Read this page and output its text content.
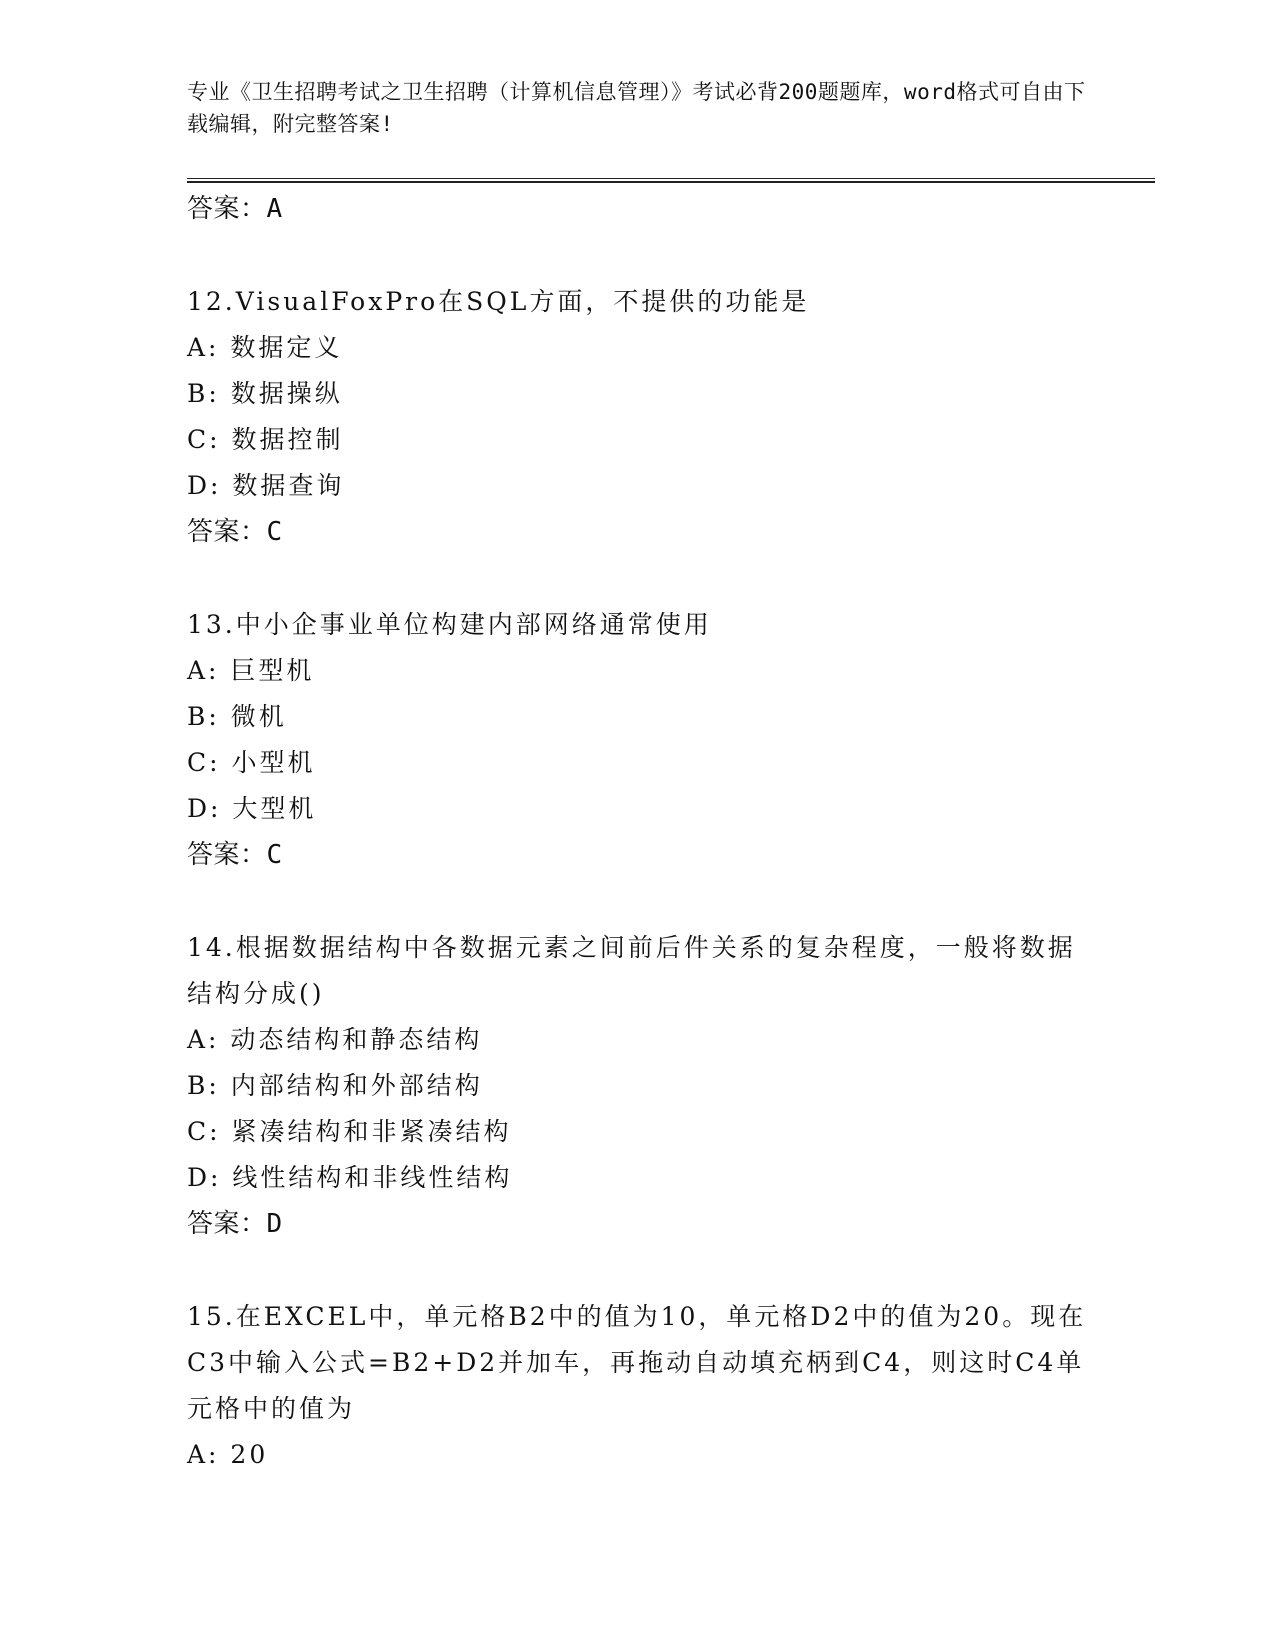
专业《卫生招聘考试之卫生招聘（计算机信息管理）》考试必背200题题库，word格式可自由下载编辑，附完整答案!

答案：A

12.VisualFoxPro在SQL方面，不提供的功能是

A: 数据定义

B: 数据操纵

C: 数据控制

D: 数据查询

答案：C

13.中小企事业单位构建内部网络通常使用

A: 巨型机

B: 微机

C: 小型机

D: 大型机

答案：C

14.根据数据结构中各数据元素之间前后件关系的复杂程度，一般将数据结构分成()

A: 动态结构和静态结构

B: 内部结构和外部结构

C: 紧凑结构和非紧凑结构

D: 线性结构和非线性结构

答案：D

15.在EXCEL中，单元格B2中的值为10，单元格D2中的值为20。现在C3中输入公式=B2+D2并加车，再拖动自动填充柄到C4，则这时C4单元格中的值为

A: 20
